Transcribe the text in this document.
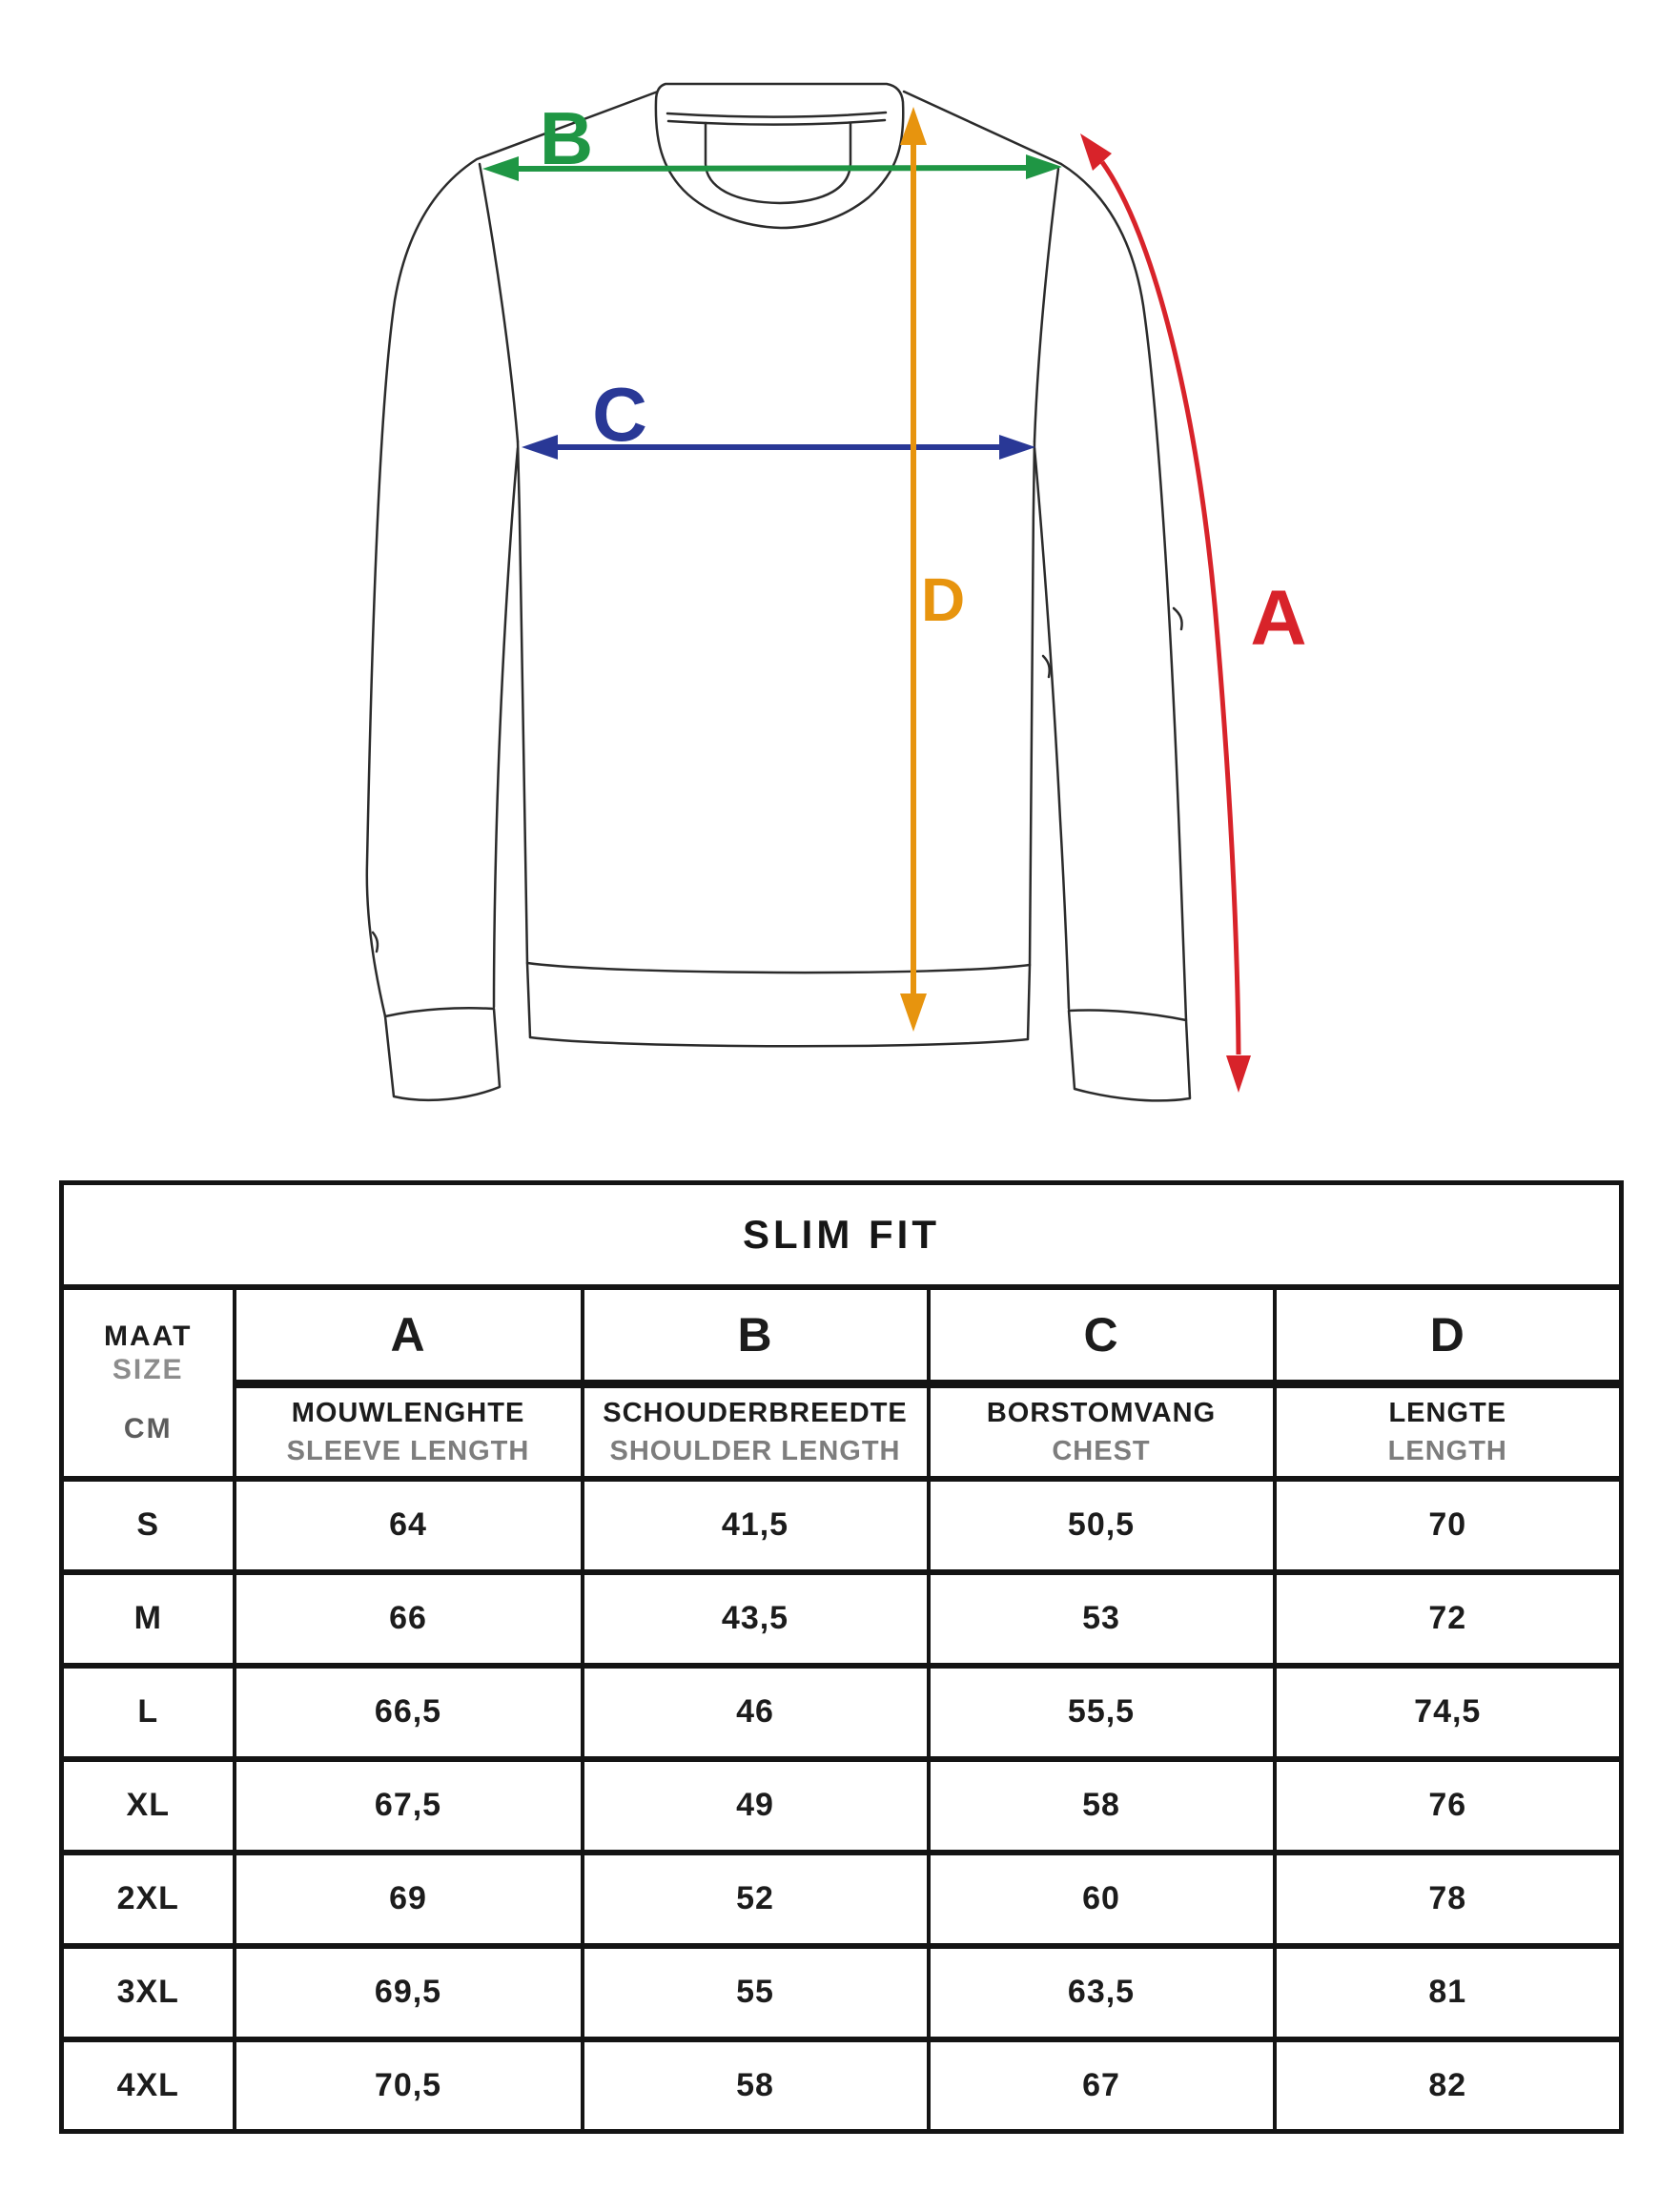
B
C
D	A
SLIM FIT				

MAAT
SIZE
CM	A	B	C	D

MOUWLENGHTE
SLEEVE LENGTH

SCHOUDERBREEDTE
SHOULDER LENGTH

BORSTOMVANG
CHEST

LENGTE
LENGTH

S	64	41,5	50,5	70
M	66	43,5	53	72
L	66,5	46	55,5	74,5
XL	67,5	49	58	76
2XL	69	52	60	78
3XL	69,5	55	63,5	81
4XL	70,5	58	67	82
